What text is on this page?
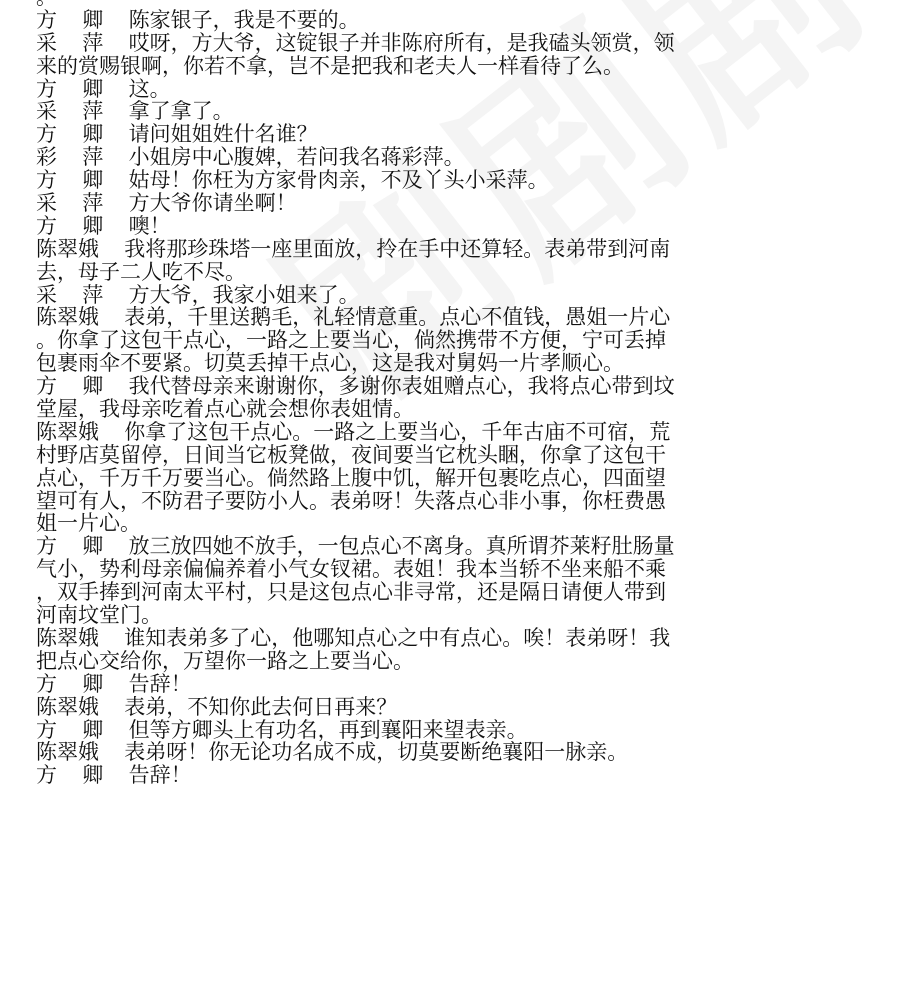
方  卿  陈家银子，我是不要的。
采  萍  哎呀，方大爷，这锭银子并非陈府所有，是我磕头领赏，领
来的赏赐银啊，你若不拿，岂不是把我和老夫人一样看待了么。
方  卿  这。
采  萍  拿了拿了。
方  卿  请问姐姐姓什名谁？
彩  萍  小姐房中心腹婢，若问我名蒋彩萍。
方  卿  姑母！你枉为方家骨肉亲，不及丫头小采萍。
采  萍  方大爷你请坐啊！
方  卿  噢！
陈翠娥  我将那珍珠塔一座里面放，拎在手中还算轻。表弟带到河南
去，母子二人吃不尽。
采  萍  方大爷，我家小姐来了。
陈翠娥  表弟，千里送鹅毛，礼轻情意重。点心不值钱，愚姐一片心
。你拿了这包干点心，一路之上要当心，倘然携带不方便，宁可丢掉
包裹雨伞不要紧。切莫丢掉干点心，这是我对舅妈一片孝顺心。
方  卿  我代替母亲来谢谢你，多谢你表姐赠点心，我将点心带到坟
堂屋，我母亲吃着点心就会想你表姐情。
陈翠娥  你拿了这包干点心。一路之上要当心，千年古庙不可宿，荒
村野店莫留停，日间当它板凳做，夜间要当它枕头睏，你拿了这包干
点心，千万千万要当心。倘然路上腹中饥，解开包裹吃点心，四面望
望可有人，不防君子要防小人。表弟呀！失落点心非小事，你枉费愚
姐一片心。
方  卿  放三放四她不放手，一包点心不离身。真所谓芥莱籽肚肠量
气小，势利母亲偏偏养着小气女钗裙。表姐！我本当轿不坐来船不乘
，双手捧到河南太平村，只是这包点心非寻常，还是隔日请便人带到
河南坟堂门。
陈翠娥  谁知表弟多了心，他哪知点心之中有点心。唉！表弟呀！我
把点心交给你，万望你一路之上要当心。
方  卿  告辞！
陈翠娥  表弟，不知你此去何日再来？
方  卿  但等方卿头上有功名，再到襄阳来望表亲。
陈翠娥  表弟呀！你无论功名成不成，切莫要断绝襄阳一脉亲。
方  卿  告辞！
